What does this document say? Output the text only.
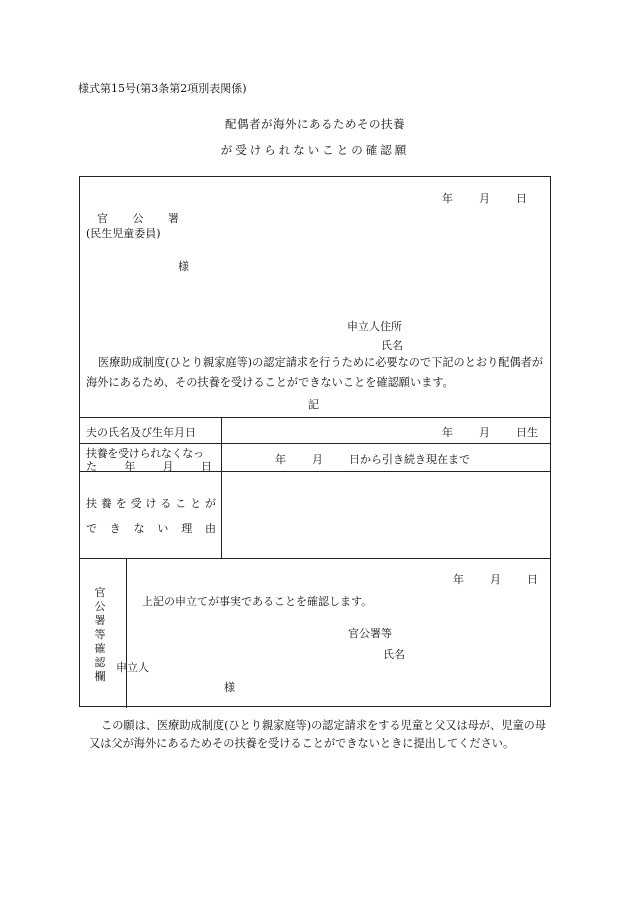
様式第15号(第3条第2項別表関係)
配偶者が海外にあるためその扶養
が受けられないことの確認願
年 月 日
官 公 署
(民生児童委員)
様
申立人住所
氏名
医療助成制度(ひとり親家庭等)の認定請求を行うために必要なので下記のとおり配偶者が海外にあるため、その扶養を受けることができないことを確認願います。
記
夫の氏名及び生年月日	年 月 日生
扶養を受けられなくなっ
た 年 月 日
年 月 日から引き続き現在まで
扶 養 を 受 け る こ と が
で き な い 理 由
官公署等確認欄
年 月 日
上記の申立てが事実であることを確認します。
官公署等
氏名
申立人
様
この願は、医療助成制度(ひとり親家庭等)の認定請求をする児童と父又は母が、児童の母又は父が海外にあるためその扶養を受けることができないときに提出してください。
